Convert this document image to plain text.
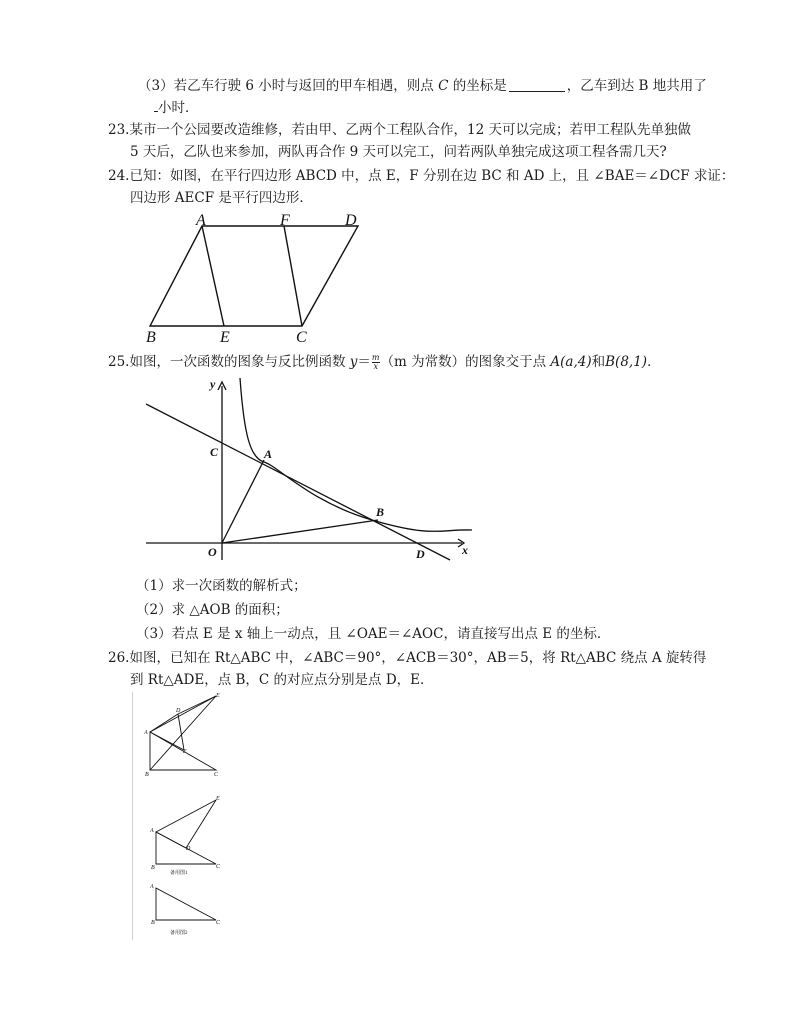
（3）若乙车行驶 6 小时与返回的甲车相遇，则点 C 的坐标是	，乙车到达 B 地共用了
小时．
23.某市一个公园要改造维修，若由甲、乙两个工程队合作，12 天可以完成；若甲工程队先单独做
5 天后，乙队也来参加，两队再合作 9 天可以完工，问若两队单独完成这项工程各需几天?
24.已知：如图，在平行四边形 ABCD 中，点 E，F 分别在边 BC 和 AD 上，且 ∠BAE＝∠DCF 求证：
四边形 AECF 是平行四边形．
A	F	D
B	E	C
25.如图，一次函数的图象与反比例函数 $y= \frac{m}{x} (m$ 为常数）的图象交于点 A(a,4)和B(8,1)．
y
x
O
C	A
B
D
（1）求一次函数的解析式；
（2）求 △AOB 的面积；
（3）若点 E 是 x 轴上一动点，且 ∠OAE＝∠AOC，请直接写出点 E 的坐标．
26.如图，已知在 Rt△ABC 中，∠ABC＝90°，∠ACB＝30°，AB＝5，将 Rt△ABC 绕点 A 旋转得
到 Rt△ADE，点 B，C 的对应点分别是点 D，E．
E
D
A
F
B	C
E
A
D
B	C
备用图1
A
B	C
备用图2
